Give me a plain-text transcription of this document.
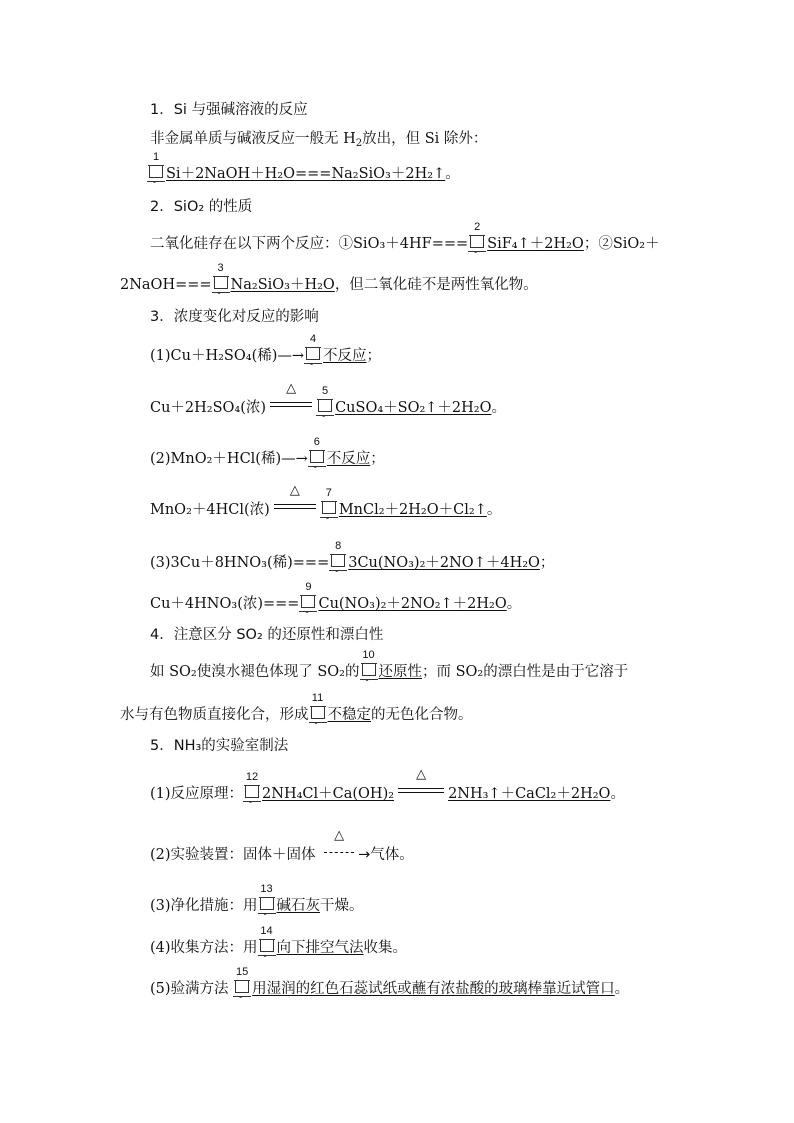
1．Si 与强碱溶液的反应
非金属单质与碱液反应一般无 $H_2$放出，但 Si 除外：
1
-
Si＋2NaOH＋H₂O===Na₂SiO₃＋2H₂↑。
2．SiO₂ 的性质
二氧化硅存在以下两个反应：①SiO₃＋4HF===
2
-
SiF₄↑＋2H₂O；②SiO₂＋
2NaOH===
3
-
Na₂SiO₃＋H₂O，但二氧化硅不是两性氧化物。
3．浓度变化对反应的影响
(1)Cu＋H₂SO₄(稀)—→
4
-
不反应；
Cu＋2H₂SO₄(浓)
△	5
-
CuSO₄＋SO₂↑＋2H₂O。
(2)MnO₂＋HCl(稀)—→
6
-
不反应；
MnO₂＋4HCl(浓)
△	7
-
MnCl₂＋2H₂O＋Cl₂↑。
(3)3Cu＋8HNO₃(稀)===
8
-
3Cu(NO₃)₂＋2NO↑＋4H₂O；
Cu＋4HNO₃(浓)===
9
-
Cu(NO₃)₂＋2NO₂↑＋2H₂O。
4．注意区分 SO₂ 的还原性和漂白性
如 SO₂使溴水褪色体现了 SO₂的
10
-
还原性；而 SO₂的漂白性是由于它溶于
水与有色物质直接化合，形成
11
-
不稳定的无色化合物。
5．NH₃的实验室制法
(1)反应原理：
12
-
2NH₄Cl＋Ca(OH)₂
△
2NH₃↑＋CaCl₂＋2H₂O。
(2)实验装置：固体＋固体
△
→气体。
(3)净化措施：用
13
-
碱石灰干燥。
(4)收集方法：用
14
-
向下排空气法收集。
(5)验满方法
15
-
用湿润的红色石蕊试纸或蘸有浓盐酸的玻璃棒靠近试管口。
